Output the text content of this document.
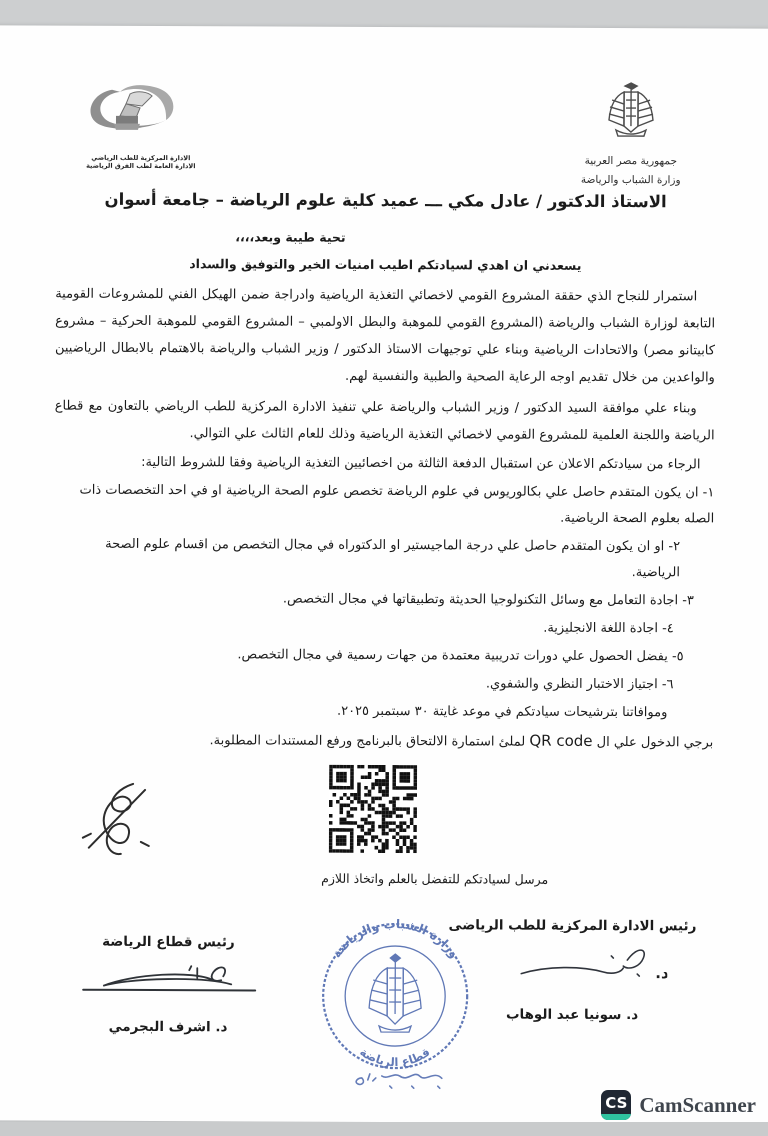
جمهورية مصر العربية
وزارة الشباب والرياضة
الادارة المركزية للطب الرياضي
الادارة العامة لطب الفرق الرياضية
الاستاذ الدكتور / عادل مكي ـــ عميد كلية علوم الرياضة – جامعة أسوان
تحية طيبة وبعد،،،،
يسعدني ان اهدي لسيادتكم اطيب امنيات الخير والتوفيق والسداد
استمرار للنجاح الذي حققة المشروع القومي لاخصائي التغذية الرياضية وادراجة ضمن الهيكل الفني للمشروعات القومية التابعة لوزارة الشباب والرياضة (المشروع القومي للموهبة والبطل الاولمبي – المشروع القومي للموهبة الحركية – مشروع كابيتانو مصر) والاتحادات الرياضية وبناء علي توجيهات الاستاذ الدكتور / وزير الشباب والرياضة بالاهتمام بالابطال الرياضيين والواعدين من خلال تقديم اوجه الرعاية الصحية والطبية والنفسية لهم.
وبناء علي موافقة السيد الدكتور / وزير الشباب والرياضة علي تنفيذ الادارة المركزية للطب الرياضي بالتعاون مع قطاع الرياضة واللجنة العلمية للمشروع القومي لاخصائي التغذية الرياضية وذلك للعام الثالث علي التوالي.
الرجاء من سيادتكم الاعلان عن استقبال الدفعة الثالثة من اخصائيين التغذية الرياضية وفقا للشروط التالية:
١- ان يكون المتقدم حاصل علي بكالوريوس في علوم الرياضة تخصص علوم الصحة الرياضية او في احد التخصصات ذات الصله بعلوم الصحة الرياضية.
٢- او ان يكون المتقدم حاصل علي درجة الماجيستير او الدكتوراه في مجال التخصص من اقسام علوم الصحة الرياضية.
٣- اجادة التعامل مع وسائل التكنولوجيا الحديثة وتطبيقاتها في مجال التخصص.
٤- اجادة اللغة الانجليزية.
٥- يفضل الحصول علي دورات تدريبية معتمدة من جهات رسمية في مجال التخصص.
٦- اجتياز الاختبار النظري والشفوي.
وموافاتنا بترشيحات سيادتكم في موعد غايتة ٣٠ سبتمبر ٢٠٢٥.
برجي الدخول علي ال QR code لملئ استمارة الالتحاق بالبرنامج ورفع المستندات المطلوبة.
مرسل لسيادتكم للتفضل بالعلم واتخاذ اللازم
رئيس الادارة المركزية للطب الرياضى
د.
د. سونيا عبد الوهاب
وزارة الشباب والرياضة
قطاع الرياضة
رئيس قطاع الرياضة
د. اشرف البجرمي
CS CamScanner
